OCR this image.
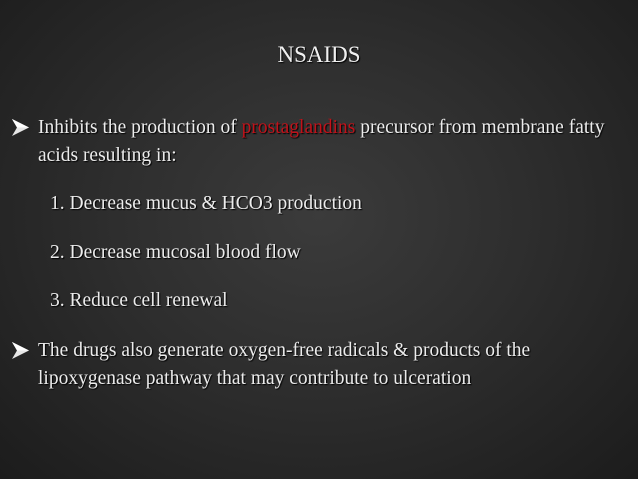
NSAIDS
Inhibits the production of prostaglandins precursor from membrane fatty acids resulting in:
1. Decrease mucus & HCO3 production
2. Decrease mucosal blood flow
3. Reduce cell renewal
The drugs also generate oxygen-free radicals & products of the lipoxygenase pathway that may contribute to ulceration
